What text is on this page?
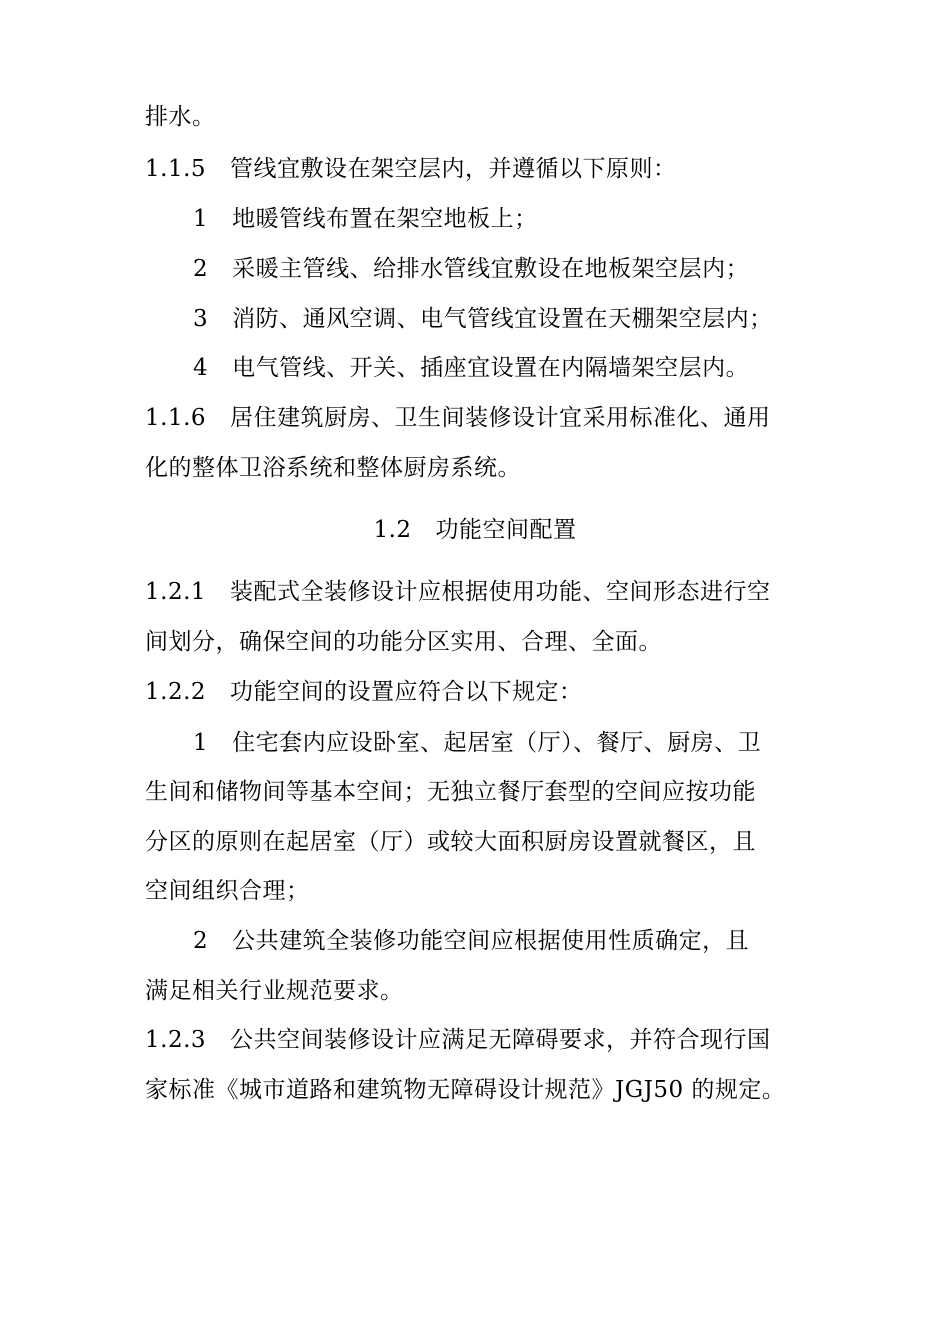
排水。
1.1.5 管线宜敷设在架空层内，并遵循以下原则：
1 地暖管线布置在架空地板上；
2 采暖主管线、给排水管线宜敷设在地板架空层内；
3 消防、通风空调、电气管线宜设置在天棚架空层内；
4 电气管线、开关、插座宜设置在内隔墙架空层内。
1.1.6 居住建筑厨房、卫生间装修设计宜采用标准化、通用
化的整体卫浴系统和整体厨房系统。
1.2 功能空间配置
1.2.1 装配式全装修设计应根据使用功能、空间形态进行空
间划分，确保空间的功能分区实用、合理、全面。
1.2.2 功能空间的设置应符合以下规定：
1 住宅套内应设卧室、起居室（厅）、餐厅、厨房、卫
生间和储物间等基本空间；无独立餐厅套型的空间应按功能
分区的原则在起居室（厅）或较大面积厨房设置就餐区，且
空间组织合理；
2 公共建筑全装修功能空间应根据使用性质确定，且
满足相关行业规范要求。
1.2.3 公共空间装修设计应满足无障碍要求，并符合现行国
家标准《城市道路和建筑物无障碍设计规范》JGJ50 的规定。
